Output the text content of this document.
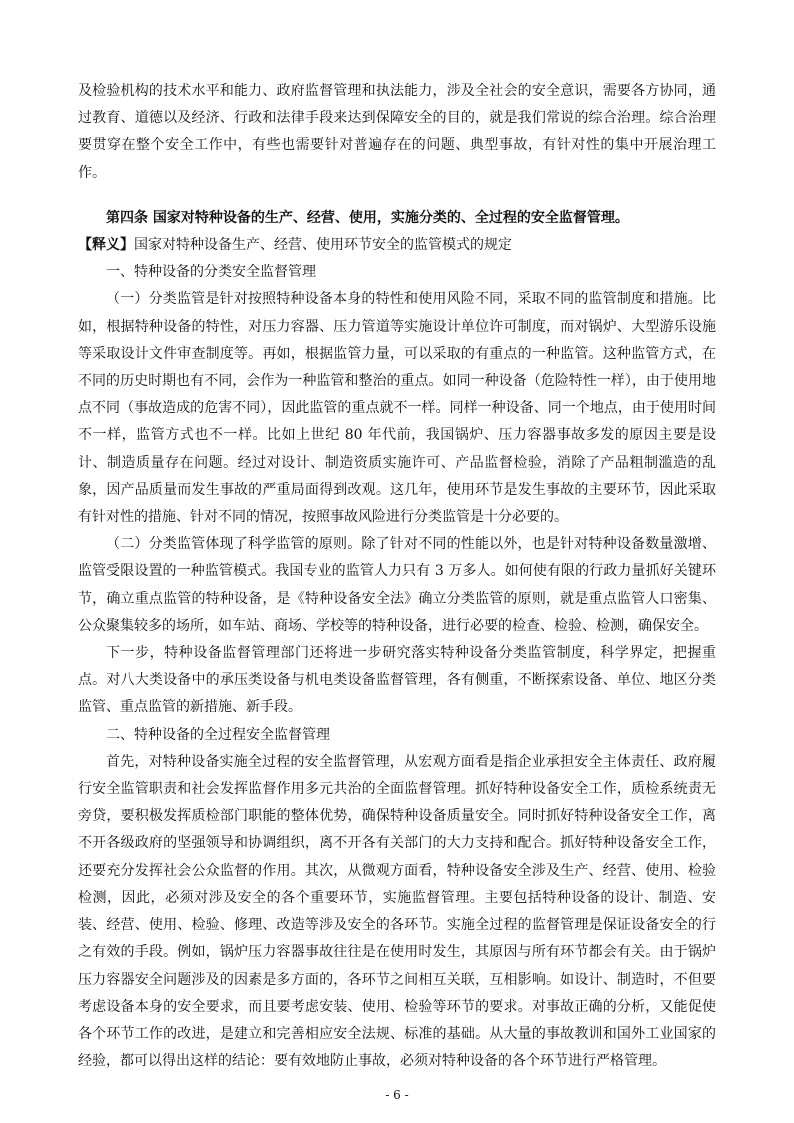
及检验机构的技术水平和能力、政府监督管理和执法能力，涉及全社会的安全意识，需要各方协同，通过教育、道德以及经济、行政和法律手段来达到保障安全的目的，就是我们常说的综合治理。综合治理要贯穿在整个安全工作中，有些也需要针对普遍存在的问题、典型事故，有针对性的集中开展治理工作。

第四条 国家对特种设备的生产、经营、使用，实施分类的、全过程的安全监督管理。

【释义】国家对特种设备生产、经营、使用环节安全的监管模式的规定

一、特种设备的分类安全监督管理

（一）分类监管是针对按照特种设备本身的特性和使用风险不同，采取不同的监管制度和措施。比如，根据特种设备的特性，对压力容器、压力管道等实施设计单位许可制度，而对锅炉、大型游乐设施等采取设计文件审查制度等。再如，根据监管力量，可以采取的有重点的一种监管。这种监管方式，在不同的历史时期也有不同，会作为一种监管和整治的重点。如同一种设备（危险特性一样），由于使用地点不同（事故造成的危害不同），因此监管的重点就不一样。同样一种设备、同一个地点，由于使用时间不一样，监管方式也不一样。比如上世纪 80 年代前，我国锅炉、压力容器事故多发的原因主要是设计、制造质量存在问题。经过对设计、制造资质实施许可、产品监督检验，消除了产品粗制滥造的乱象，因产品质量而发生事故的严重局面得到改观。这几年，使用环节是发生事故的主要环节，因此采取有针对性的措施、针对不同的情况，按照事故风险进行分类监管是十分必要的。

（二）分类监管体现了科学监管的原则。除了针对不同的性能以外，也是针对特种设备数量激增、监管受限设置的一种监管模式。我国专业的监管人力只有 3 万多人。如何使有限的行政力量抓好关键环节，确立重点监管的特种设备，是《特种设备安全法》确立分类监管的原则，就是重点监管人口密集、公众聚集较多的场所，如车站、商场、学校等的特种设备，进行必要的检查、检验、检测，确保安全。

下一步，特种设备监督管理部门还将进一步研究落实特种设备分类监管制度，科学界定，把握重点。对八大类设备中的承压类设备与机电类设备监督管理，各有侧重，不断探索设备、单位、地区分类监管、重点监管的新措施、新手段。

二、特种设备的全过程安全监督管理

首先，对特种设备实施全过程的安全监督管理，从宏观方面看是指企业承担安全主体责任、政府履行安全监管职责和社会发挥监督作用多元共治的全面监督管理。抓好特种设备安全工作，质检系统责无旁贷，要积极发挥质检部门职能的整体优势，确保特种设备质量安全。同时抓好特种设备安全工作，离不开各级政府的坚强领导和协调组织，离不开各有关部门的大力支持和配合。抓好特种设备安全工作，还要充分发挥社会公众监督的作用。其次，从微观方面看，特种设备安全涉及生产、经营、使用、检验检测，因此，必须对涉及安全的各个重要环节，实施监督管理。主要包括特种设备的设计、制造、安装、经营、使用、检验、修理、改造等涉及安全的各环节。实施全过程的监督管理是保证设备安全的行之有效的手段。例如，锅炉压力容器事故往往是在使用时发生，其原因与所有环节都会有关。由于锅炉压力容器安全问题涉及的因素是多方面的，各环节之间相互关联，互相影响。如设计、制造时，不但要考虑设备本身的安全要求，而且要考虑安装、使用、检验等环节的要求。对事故正确的分析，又能促使各个环节工作的改进，是建立和完善相应安全法规、标准的基础。从大量的事故教训和国外工业国家的经验，都可以得出这样的结论：要有效地防止事故，必须对特种设备的各个环节进行严格管理。

- 6 -
